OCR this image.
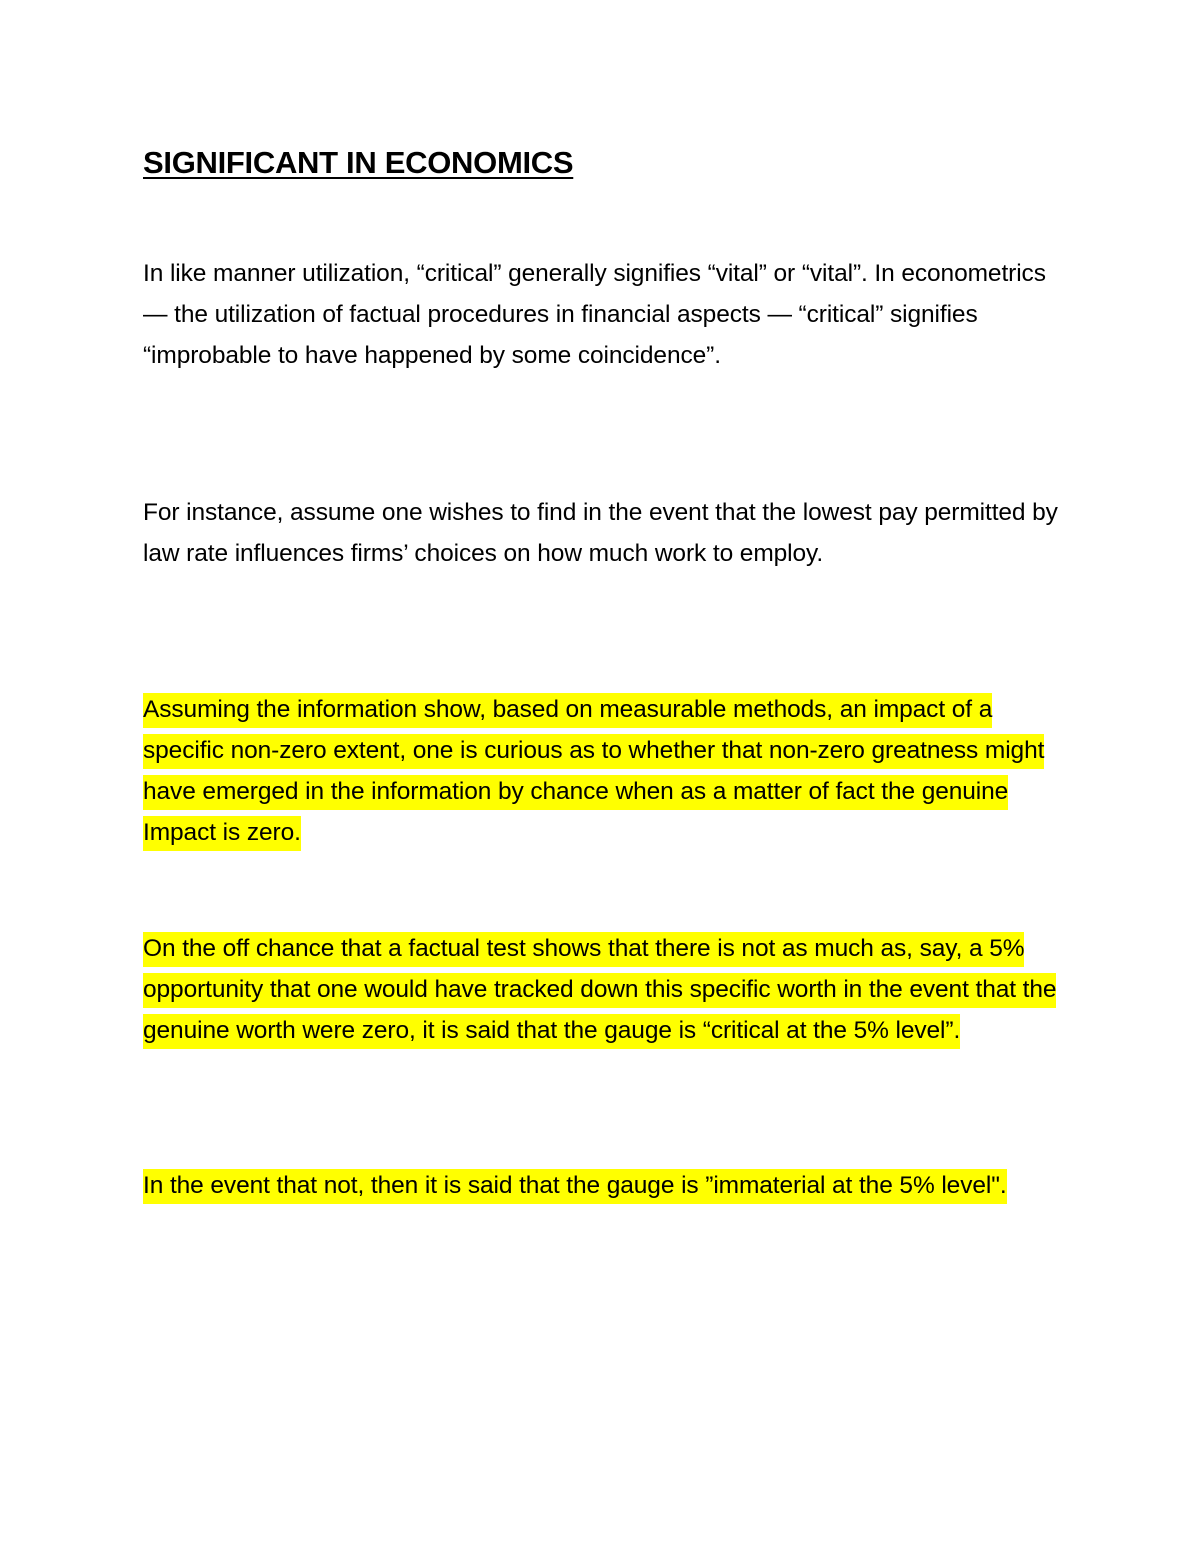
SIGNIFICANT IN ECONOMICS

In like manner utilization, “critical” generally signifies “vital” or “vital”. In econometrics — the utilization of factual procedures in financial aspects — “critical” signifies “improbable to have happened by some coincidence”.

For instance, assume one wishes to find in the event that the lowest pay permitted by law rate influences firms’ choices on how much work to employ.

Assuming the information show, based on measurable methods, an impact of a specific non-zero extent, one is curious as to whether that non-zero greatness might have emerged in the information by chance when as a matter of fact the genuine Impact is zero.

On the off chance that a factual test shows that there is not as much as, say, a 5% opportunity that one would have tracked down this specific worth in the event that the genuine worth were zero, it is said that the gauge is “critical at the 5% level”.

In the event that not, then it is said that the gauge is ”immaterial at the 5% level".
